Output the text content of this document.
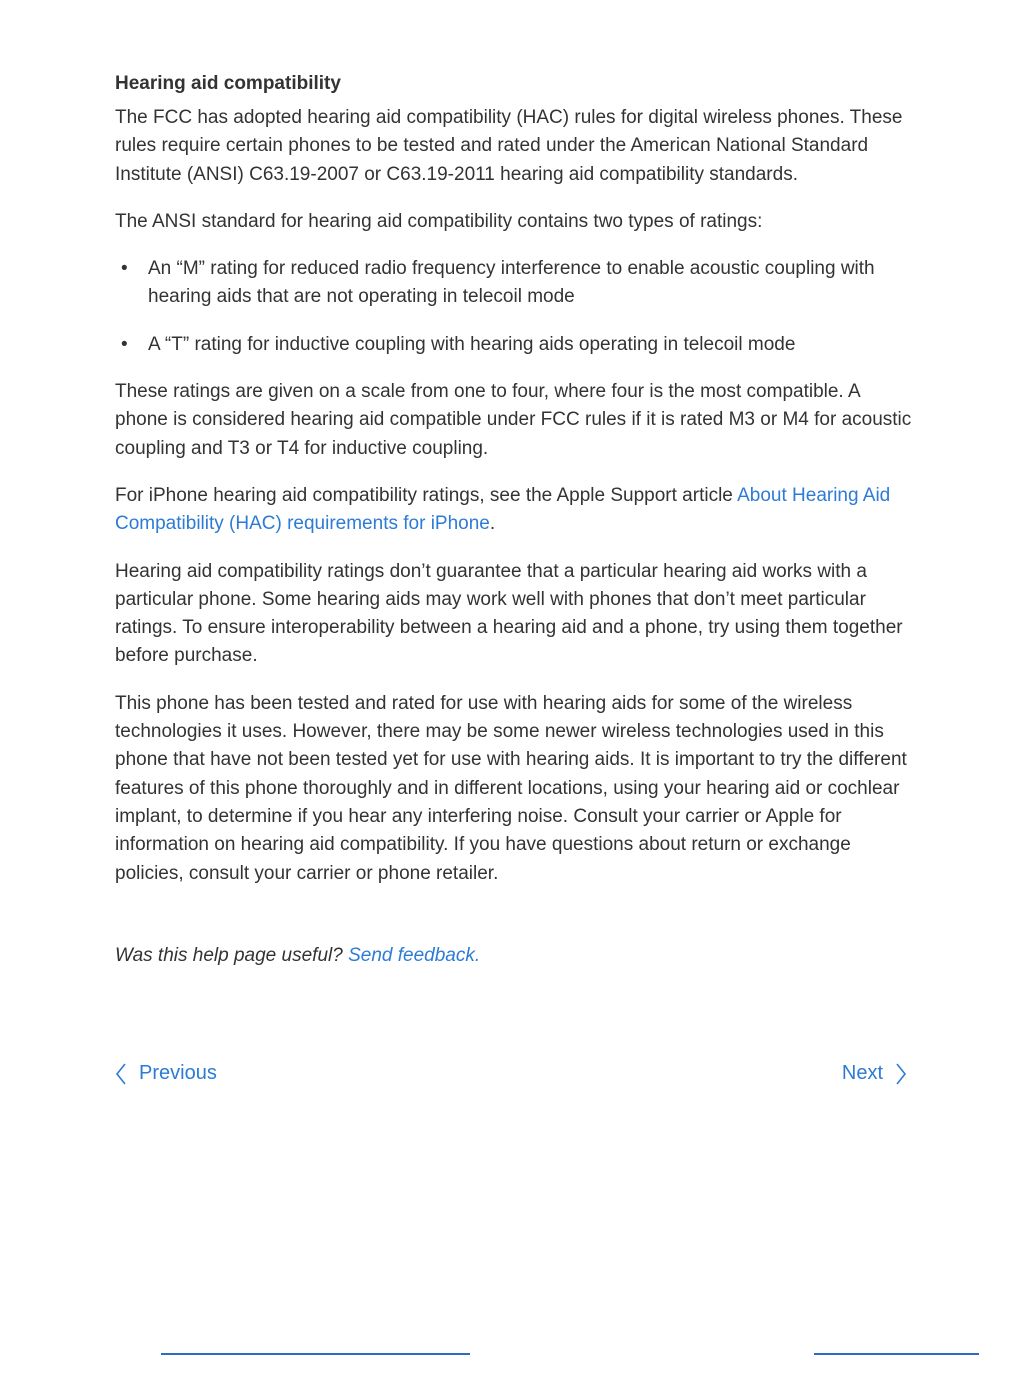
Hearing aid compatibility

The FCC has adopted hearing aid compatibility (HAC) rules for digital wireless phones. These rules require certain phones to be tested and rated under the American National Standard Institute (ANSI) C63.19-2007 or C63.19-2011 hearing aid compatibility standards.

The ANSI standard for hearing aid compatibility contains two types of ratings:

• An “M” rating for reduced radio frequency interference to enable acoustic coupling with hearing aids that are not operating in telecoil mode
• A “T” rating for inductive coupling with hearing aids operating in telecoil mode

These ratings are given on a scale from one to four, where four is the most compatible. A phone is considered hearing aid compatible under FCC rules if it is rated M3 or M4 for acoustic coupling and T3 or T4 for inductive coupling.

For iPhone hearing aid compatibility ratings, see the Apple Support article About Hearing Aid Compatibility (HAC) requirements for iPhone.

Hearing aid compatibility ratings don’t guarantee that a particular hearing aid works with a particular phone. Some hearing aids may work well with phones that don’t meet particular ratings. To ensure interoperability between a hearing aid and a phone, try using them together before purchase.

This phone has been tested and rated for use with hearing aids for some of the wireless technologies it uses. However, there may be some newer wireless technologies used in this phone that have not been tested yet for use with hearing aids. It is important to try the different features of this phone thoroughly and in different locations, using your hearing aid or cochlear implant, to determine if you hear any interfering noise. Consult your carrier or Apple for information on hearing aid compatibility. If you have questions about return or exchange policies, consult your carrier or phone retailer.

Was this help page useful? Send feedback.
Previous	Next
